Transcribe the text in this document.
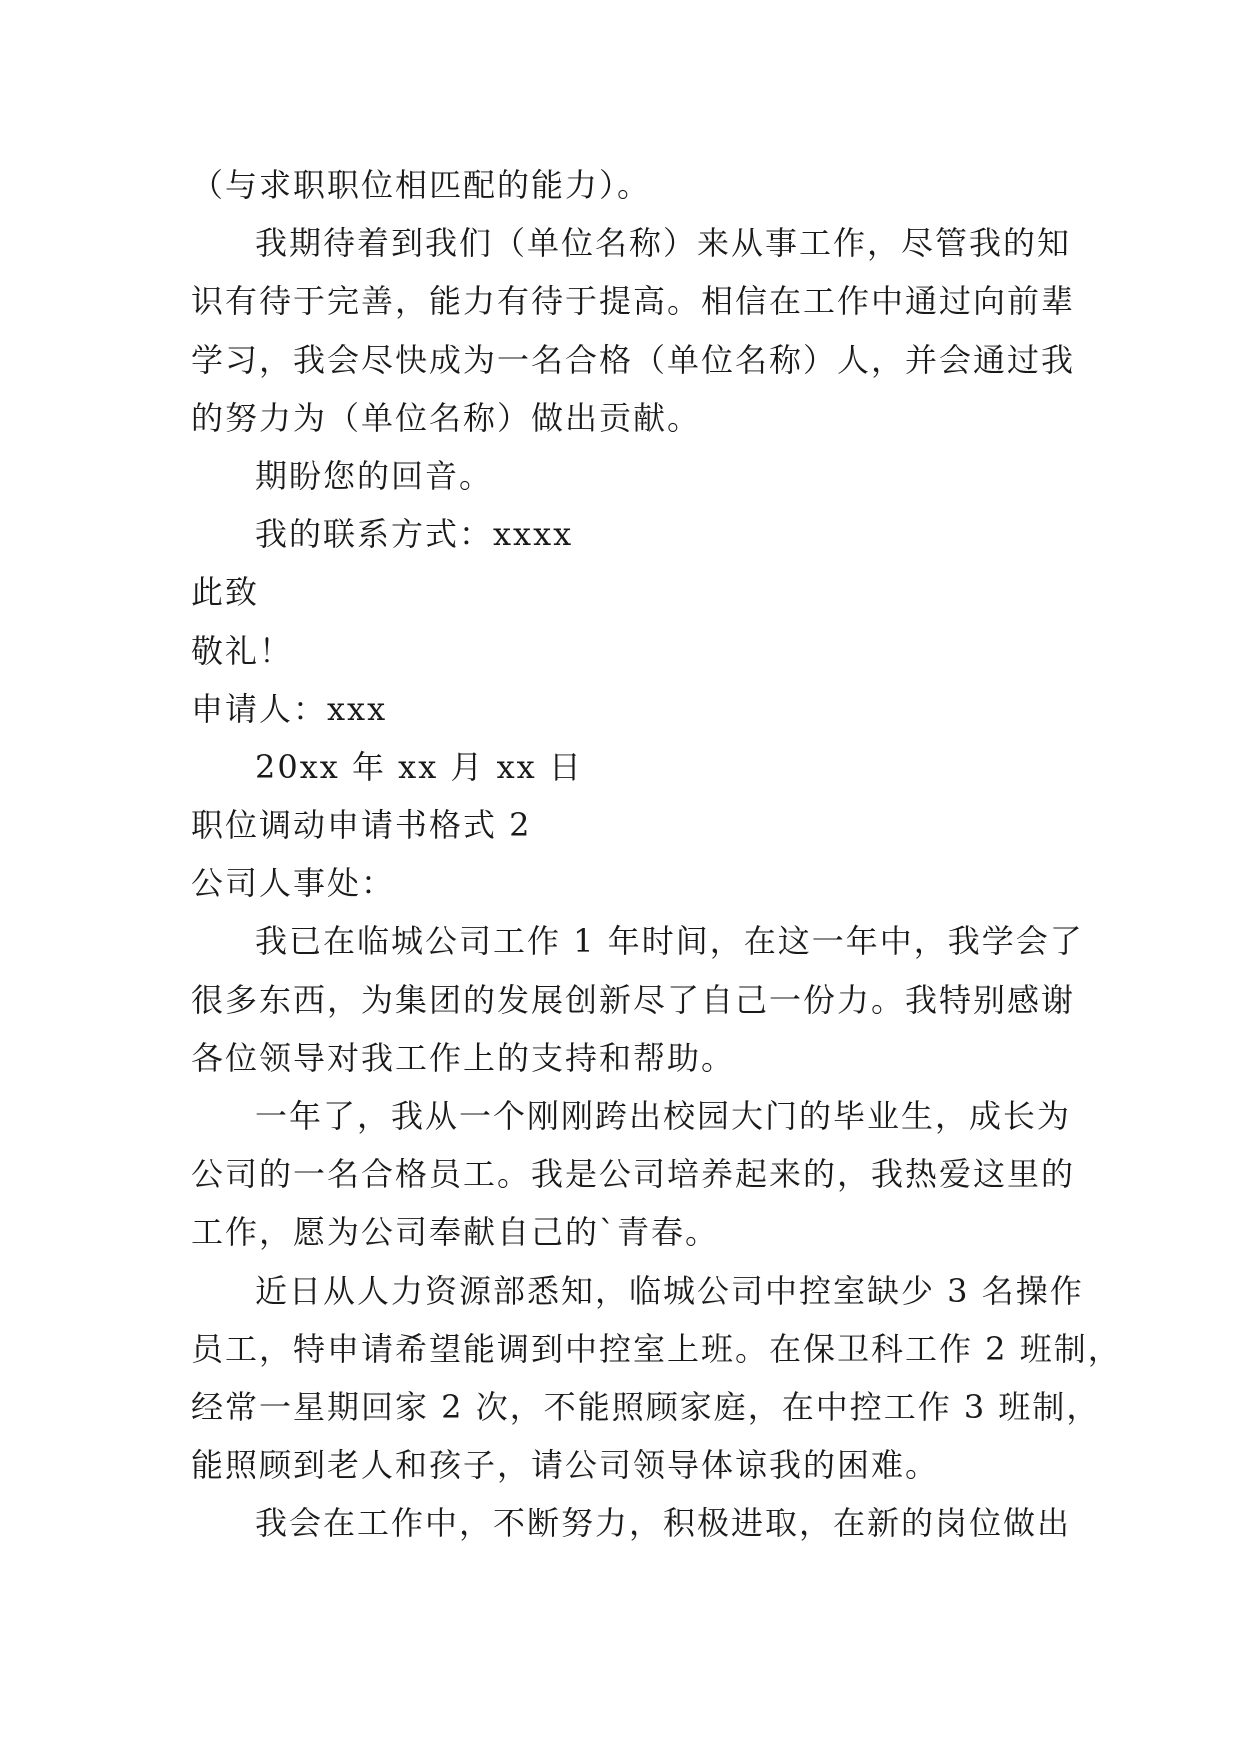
（与求职职位相匹配的能力）。
我期待着到我们（单位名称）来从事工作，尽管我的知
识有待于完善，能力有待于提高。相信在工作中通过向前辈
学习，我会尽快成为一名合格（单位名称）人，并会通过我
的努力为（单位名称）做出贡献。
期盼您的回音。
我的联系方式：xxxx
此致
敬礼！
申请人：xxx
20xx 年 xx 月 xx 日
职位调动申请书格式 2
公司人事处：
我已在临城公司工作 1 年时间，在这一年中，我学会了
很多东西，为集团的发展创新尽了自己一份力。我特别感谢
各位领导对我工作上的支持和帮助。
一年了，我从一个刚刚跨出校园大门的毕业生，成长为
公司的一名合格员工。我是公司培养起来的，我热爱这里的
工作，愿为公司奉献自己的`青春。
近日从人力资源部悉知，临城公司中控室缺少 3 名操作
员工，特申请希望能调到中控室上班。在保卫科工作 2 班制，
经常一星期回家 2 次，不能照顾家庭，在中控工作 3 班制，
能照顾到老人和孩子，请公司领导体谅我的困难。
我会在工作中，不断努力，积极进取，在新的岗位做出
